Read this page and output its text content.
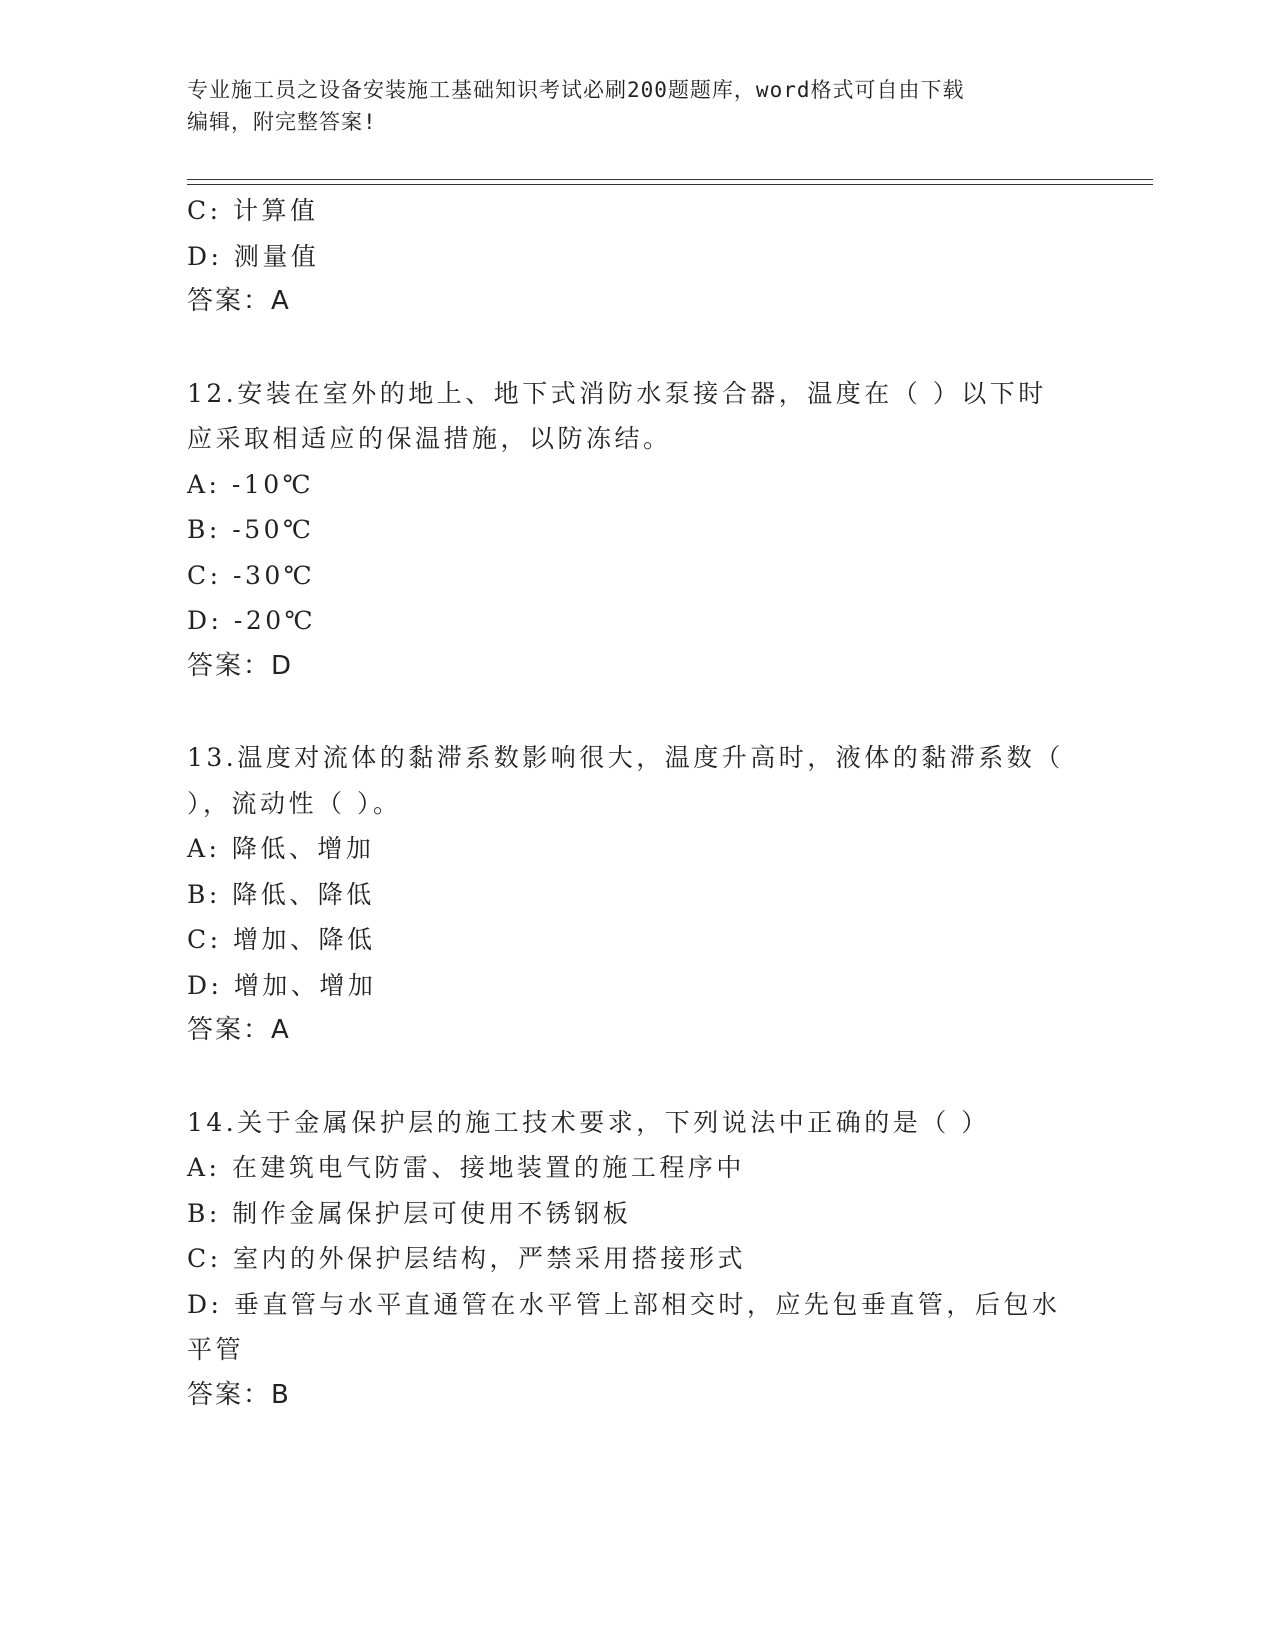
专业施工员之设备安装施工基础知识考试必刷200题题库，word格式可自由下载
编辑，附完整答案!
C: 计算值
D: 测量值
答案：A
12.安装在室外的地上、地下式消防水泵接合器，温度在（ ）以下时
应采取相适应的保温措施，以防冻结。
A: -10℃
B: -50℃
C: -30℃
D: -20℃
答案：D
13.温度对流体的黏滞系数影响很大，温度升高时，液体的黏滞系数（
），流动性（ ）。
A: 降低、增加
B: 降低、降低
C: 增加、降低
D: 增加、增加
答案：A
14.关于金属保护层的施工技术要求，下列说法中正确的是（ ）
A: 在建筑电气防雷、接地装置的施工程序中
B: 制作金属保护层可使用不锈钢板
C: 室内的外保护层结构，严禁采用搭接形式
D: 垂直管与水平直通管在水平管上部相交时，应先包垂直管，后包水
平管
答案：B
